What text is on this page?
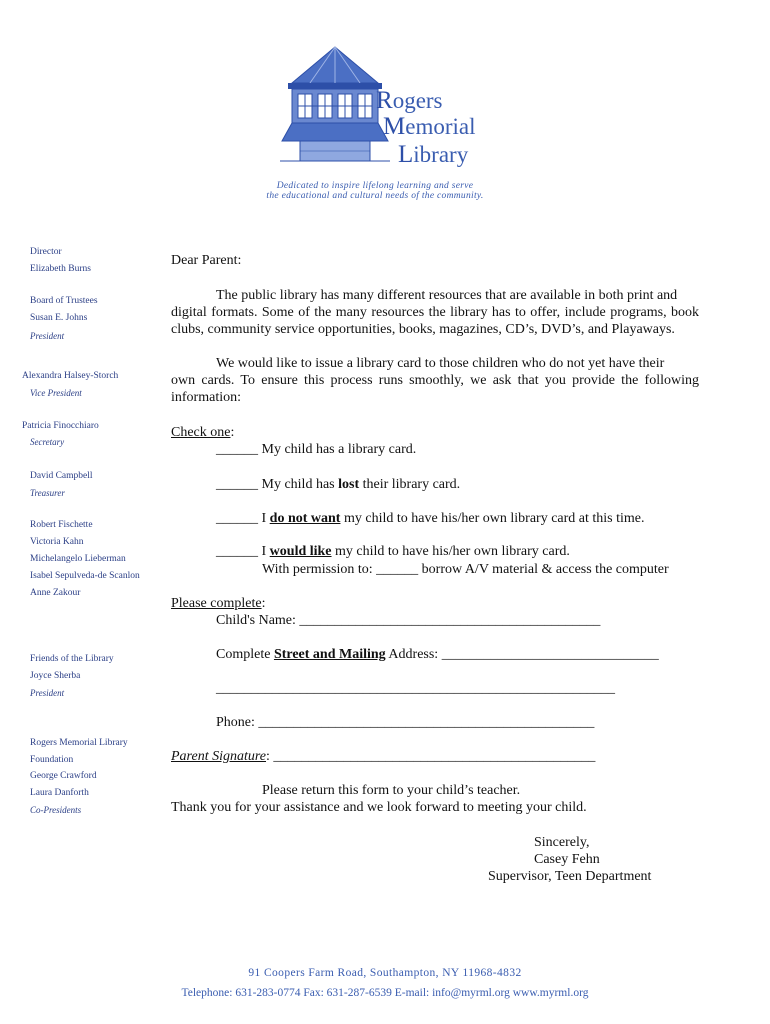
Rogers
Memorial
Library
Dedicated to inspire lifelong learning and serve
the educational and cultural needs of the community.
Director
Elizabeth Burns
Board of Trustees
Susan E. Johns
President
Alexandra Halsey-Storch
Vice President
Patricia Finocchiaro
Secretary
David Campbell
Treasurer
Robert Fischette
Victoria Kahn
Michelangelo Lieberman
Isabel Sepulveda-de Scanlon
Anne Zakour
Friends of the Library
Joyce Sherba
President
Rogers Memorial Library
Foundation
George Crawford
Laura Danforth
Co-Presidents
Dear Parent:
The public library has many different resources that are available in both print and
digital formats. Some of the many resources the library has to offer, include programs, book clubs, community service opportunities, books, magazines, CD’s, DVD’s, and Playaways.
We would like to issue a library card to those children who do not yet have their
own cards. To ensure this process runs smoothly, we ask that you provide the following information:
Check one:
______ My child has a library card.
______ My child has lost their library card.
______ I do not want my child to have his/her own library card at this time.
______ I would like my child to have his/her own library card.
With permission to: ______ borrow A/V material & access the computer
Please complete:
Child's Name: ___________________________________________
Complete Street and Mailing Address: _______________________________
_________________________________________________________
Phone: ________________________________________________
Parent Signature: ______________________________________________
Please return this form to your child’s teacher.
Thank you for your assistance and we look forward to meeting your child.
Sincerely,
Casey Fehn
Supervisor, Teen Department
91 Coopers Farm Road, Southampton, NY 11968-4832
Telephone: 631-283-0774 Fax: 631-287-6539 E-mail: info@myrml.org www.myrml.org
